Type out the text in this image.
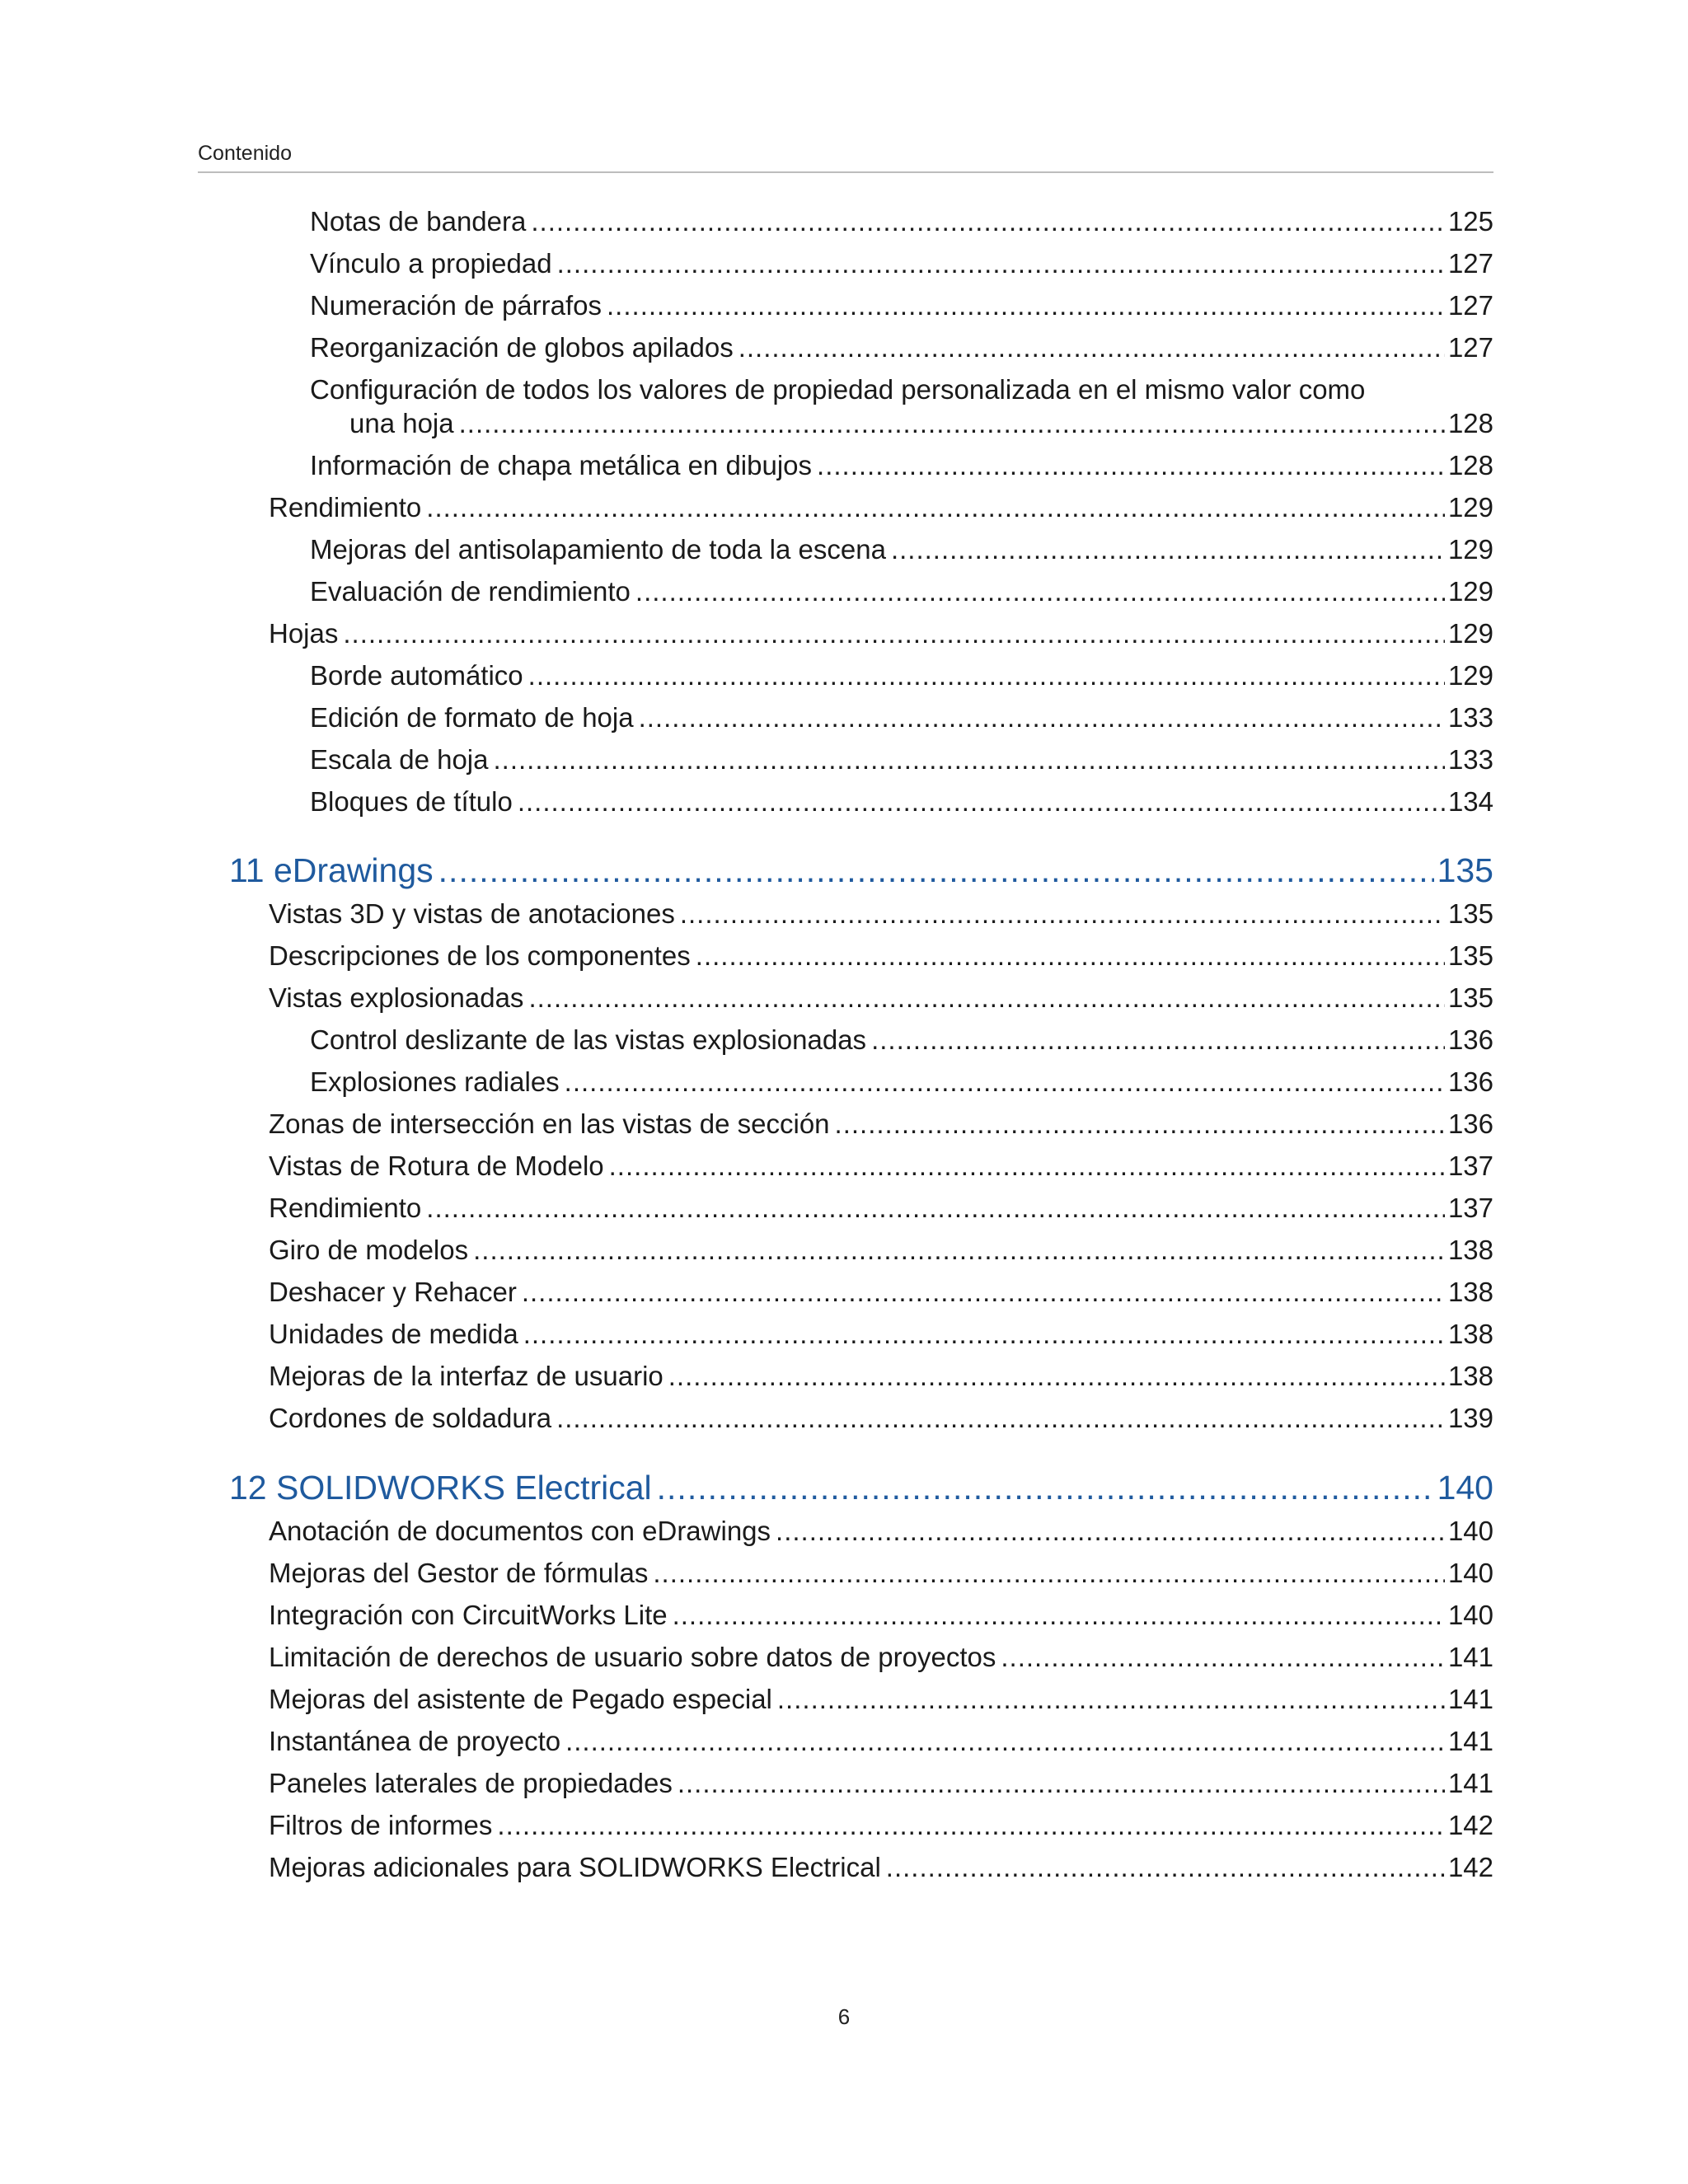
Contenido
Notas de bandera .....	125
Vínculo a propiedad .....	127
Numeración de párrafos .....	127
Reorganización de globos apilados .....	127
Configuración de todos los valores de propiedad personalizada en el mismo valor como
una hoja .....	128
Información de chapa metálica en dibujos .....	128
Rendimiento .....	129
Mejoras del antisolapamiento de toda la escena .....	129
Evaluación de rendimiento .....	129
Hojas .....	129
Borde automático .....	129
Edición de formato de hoja .....	133
Escala de hoja .....	133
Bloques de título .....	134
11 eDrawings .....	135
Vistas 3D y vistas de anotaciones .....	135
Descripciones de los componentes .....	135
Vistas explosionadas .....	135
Control deslizante de las vistas explosionadas .....	136
Explosiones radiales .....	136
Zonas de intersección en las vistas de sección .....	136
Vistas de Rotura de Modelo .....	137
Rendimiento .....	137
Giro de modelos .....	138
Deshacer y Rehacer .....	138
Unidades de medida .....	138
Mejoras de la interfaz de usuario .....	138
Cordones de soldadura .....	139
12 SOLIDWORKS Electrical .....	140
Anotación de documentos con eDrawings .....	140
Mejoras del Gestor de fórmulas .....	140
Integración con CircuitWorks Lite .....	140
Limitación de derechos de usuario sobre datos de proyectos .....	141
Mejoras del asistente de Pegado especial .....	141
Instantánea de proyecto .....	141
Paneles laterales de propiedades .....	141
Filtros de informes .....	142
Mejoras adicionales para SOLIDWORKS Electrical .....	142
6
